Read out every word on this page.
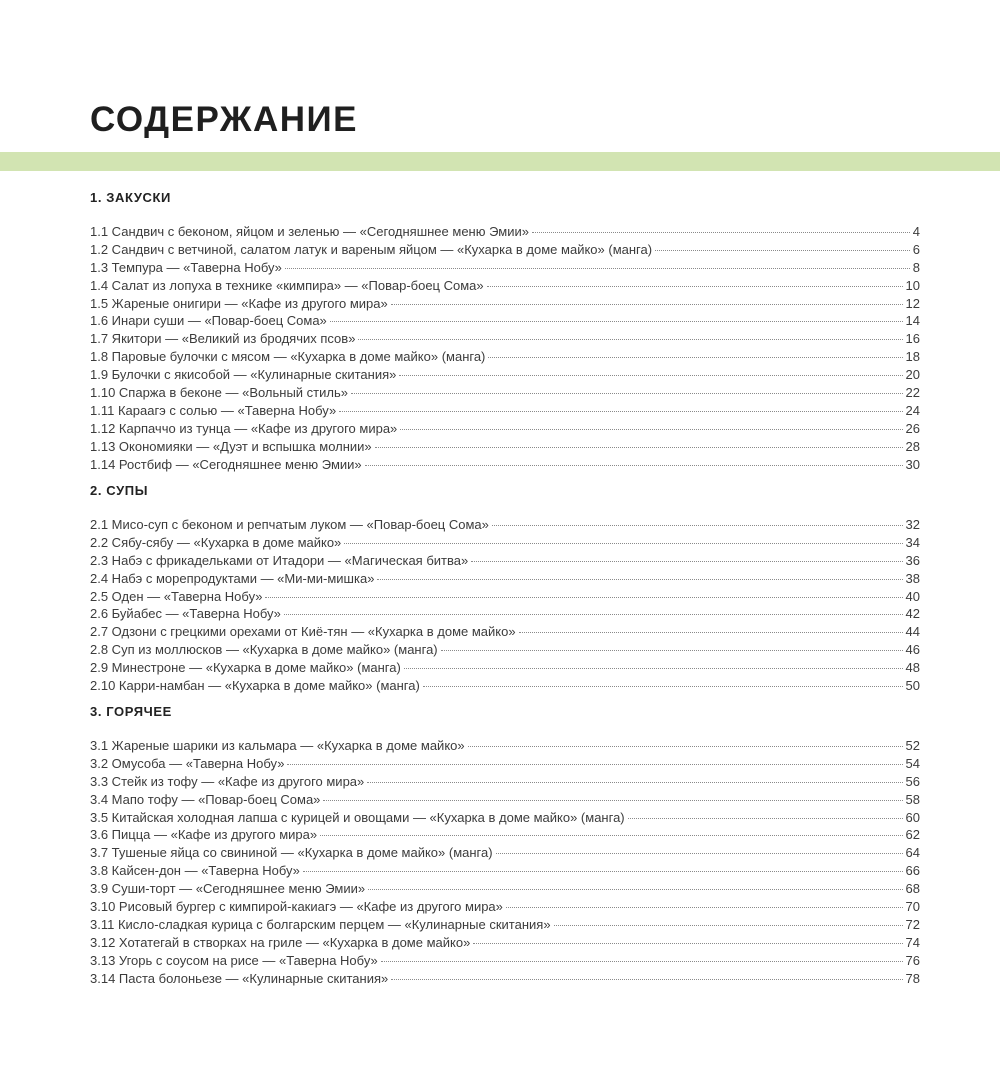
СОДЕРЖАНИЕ
1. ЗАКУСКИ
1.1 Сандвич с беконом, яйцом и зеленью — «Сегодняшнее меню Эмии»	4
1.2 Сандвич с ветчиной, салатом латук и вареным яйцом — «Кухарка в доме майко» (манга)	6
1.3 Темпура — «Таверна Нобу»	8
1.4 Салат из лопуха в технике «кимпира» — «Повар-боец Сома»	10
1.5 Жареные онигири — «Кафе из другого мира»	12
1.6 Инари суши — «Повар-боец Сома»	14
1.7 Якитори — «Великий из бродячих псов»	16
1.8 Паровые булочки с мясом — «Кухарка в доме майко» (манга)	18
1.9 Булочки с якисобой — «Кулинарные скитания»	20
1.10 Спаржа в беконе — «Вольный стиль»	22
1.11 Караагэ с солью — «Таверна Нобу»	24
1.12 Карпаччо из тунца — «Кафе из другого мира»	26
1.13 Окономияки — «Дуэт и вспышка молнии»	28
1.14 Ростбиф — «Сегодняшнее меню Эмии»	30
2. СУПЫ
2.1 Мисо-суп с беконом и репчатым луком — «Повар-боец Сома»	32
2.2 Сябу-сябу — «Кухарка в доме майко»	34
2.3 Набэ с фрикадельками от Итадори — «Магическая битва»	36
2.4 Набэ с морепродуктами — «Ми-ми-мишка»	38
2.5 Оден — «Таверна Нобу»	40
2.6 Буйабес — «Таверна Нобу»	42
2.7 Одзони с грецкими орехами от Киё-тян — «Кухарка в доме майко»	44
2.8 Суп из моллюсков — «Кухарка в доме майко» (манга)	46
2.9 Минестроне — «Кухарка в доме майко» (манга)	48
2.10 Карри-намбан — «Кухарка в доме майко» (манга)	50
3. ГОРЯЧЕЕ
3.1 Жареные шарики из кальмара — «Кухарка в доме майко»	52
3.2 Омусоба — «Таверна Нобу»	54
3.3 Стейк из тофу — «Кафе из другого мира»	56
3.4 Мапо тофу — «Повар-боец Сома»	58
3.5 Китайская холодная лапша с курицей и овощами — «Кухарка в доме майко» (манга)	60
3.6 Пицца — «Кафе из другого мира»	62
3.7 Тушеные яйца со свининой — «Кухарка в доме майко» (манга)	64
3.8 Кайсен-дон — «Таверна Нобу»	66
3.9 Суши-торт — «Сегодняшнее меню Эмии»	68
3.10 Рисовый бургер с кимпирой-какиагэ — «Кафе из другого мира»	70
3.11 Кисло-сладкая курица с болгарским перцем — «Кулинарные скитания»	72
3.12 Хотатегай в створках на гриле — «Кухарка в доме майко»	74
3.13 Угорь с соусом на рисе — «Таверна Нобу»	76
3.14 Паста болоньезе — «Кулинарные скитания»	78
